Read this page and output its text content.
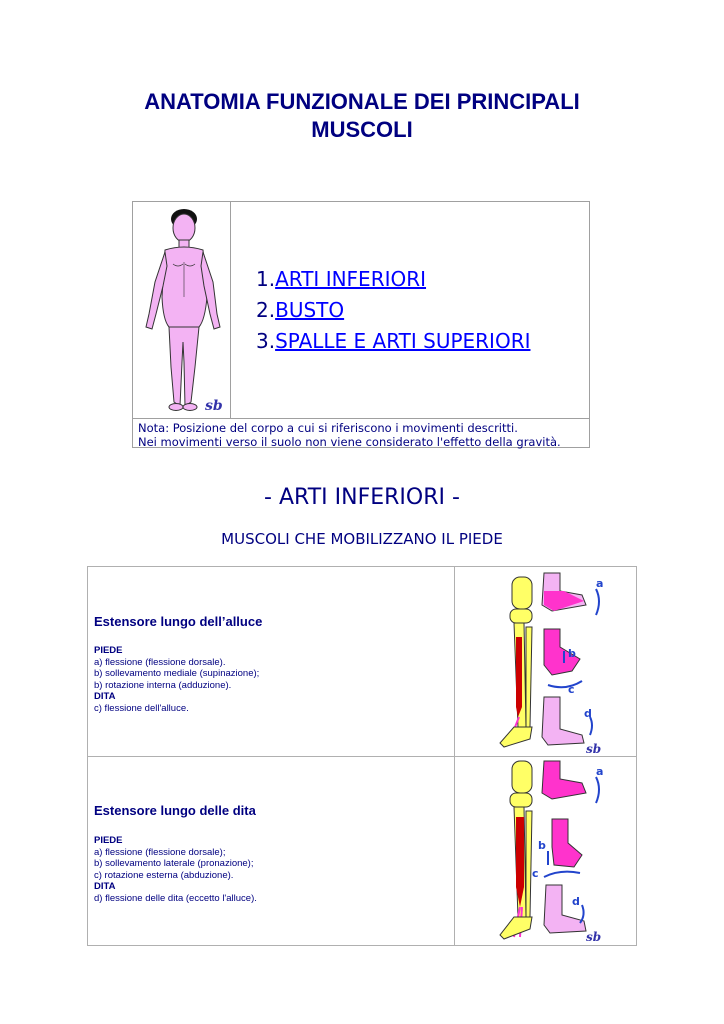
ANATOMIA FUNZIONALE DEI PRINCIPALI
MUSCOLI
sb
1.ARTI INFERIORI
2.BUSTO
3.SPALLE E ARTI SUPERIORI
Nota: Posizione del corpo a cui si riferiscono i movimenti descritti.
Nei movimenti verso il suolo non viene considerato l'effetto della gravità.
- ARTI INFERIORI -
MUSCOLI CHE MOBILIZZANO IL PIEDE
Estensore lungo dell’alluce
PIEDE
a) flessione (flessione dorsale).
b) sollevamento mediale (supinazione);
b) rotazione interna (adduzione).
DITA
c) flessione dell'alluce.
a
b
c
d
sb
Estensore lungo delle dita
PIEDE
a) flessione (flessione dorsale);
b) sollevamento laterale (pronazione);
c) rotazione esterna (abduzione).
DITA
d) flessione delle dita (eccetto l'alluce).
a
b
c
d
sb
